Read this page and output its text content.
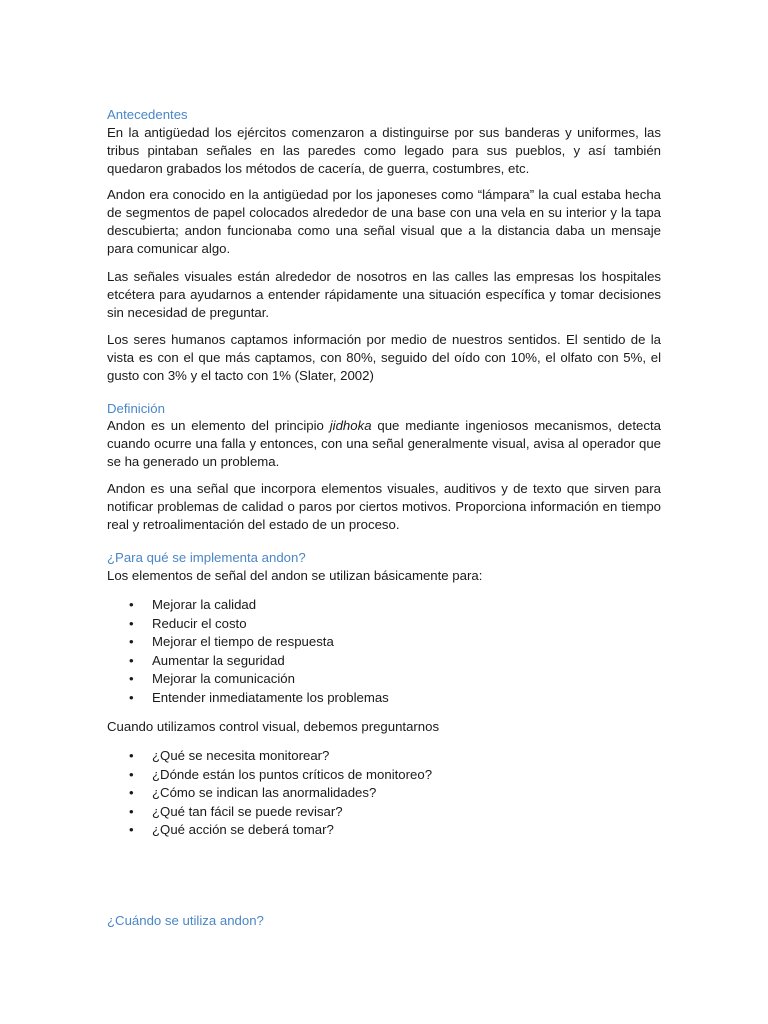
Antecedentes

En la antigüedad los ejércitos comenzaron a distinguirse por sus banderas y uniformes, las tribus pintaban señales en las paredes como legado para sus pueblos, y así también quedaron grabados los métodos de cacería, de guerra, costumbres, etc.

Andon era conocido en la antigüedad por los japoneses como “lámpara” la cual estaba hecha de segmentos de papel colocados alrededor de una base con una vela en su interior y la tapa descubierta; andon funcionaba como una señal visual que a la distancia daba un mensaje para comunicar algo.

Las señales visuales están alrededor de nosotros en las calles las empresas los hospitales etcétera para ayudarnos a entender rápidamente una situación específica y tomar decisiones sin necesidad de preguntar.

Los seres humanos captamos información por medio de nuestros sentidos. El sentido de la vista es con el que más captamos, con 80%, seguido del oído con 10%, el olfato con 5%, el gusto con 3% y el tacto con 1% (Slater, 2002)

Definición

Andon es un elemento del principio jidhoka que mediante ingeniosos mecanismos, detecta cuando ocurre una falla y entonces, con una señal generalmente visual, avisa al operador que se ha generado un problema.

Andon es una señal que incorpora elementos visuales, auditivos y de texto que sirven para notificar problemas de calidad o paros por ciertos motivos. Proporciona información en tiempo real y retroalimentación del estado de un proceso.

¿Para qué se implementa andon?

Los elementos de señal del andon se utilizan básicamente para:

• Mejorar la calidad
• Reducir el costo
• Mejorar el tiempo de respuesta
• Aumentar la seguridad
• Mejorar la comunicación
• Entender inmediatamente los problemas

Cuando utilizamos control visual, debemos preguntarnos

• ¿Qué se necesita monitorear?
• ¿Dónde están los puntos críticos de monitoreo?
• ¿Cómo se indican las anormalidades?
• ¿Qué tan fácil se puede revisar?
• ¿Qué acción se deberá tomar?
¿Cuándo se utiliza andon?
